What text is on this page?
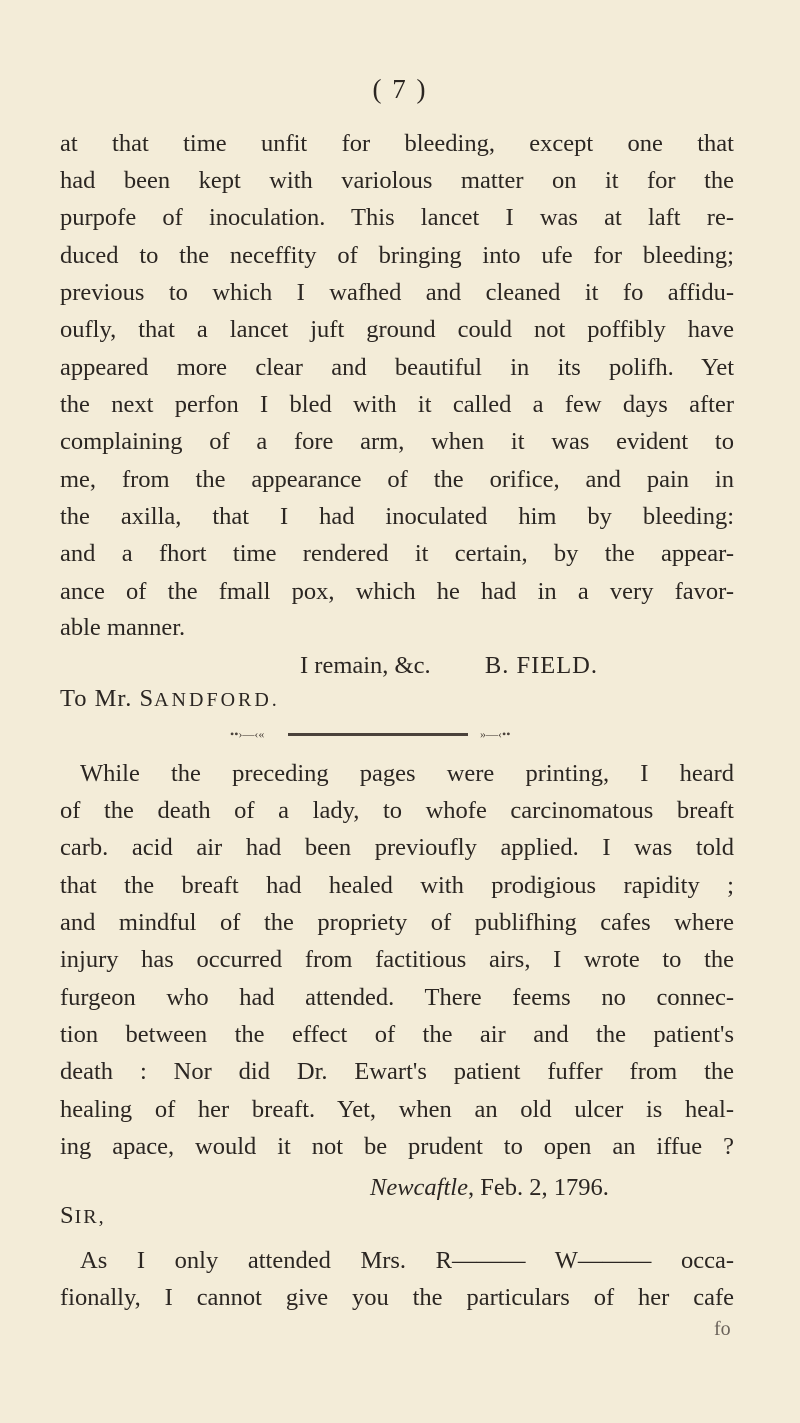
( 7 )
at that time unfit for bleeding, except one that
had been kept with variolous matter on it for the
purpofe of inoculation. This lancet I was at laft re-
duced to the neceffity of bringing into ufe for bleeding;
previous to which I wafhed and cleaned it fo affidu-
oufly, that a lancet juft ground could not poffibly have
appeared more clear and beautiful in its polifh. Yet
the next perfon I bled with it called a few days after
complaining of a fore arm, when it was evident to
me, from the appearance of the orifice, and pain in
the axilla, that I had inoculated him by bleeding:
and a fhort time rendered it certain, by the appear-
ance of the fmall pox, which he had in a very favor-
able manner.
I remain, &c. B. FIELD.
To Mr. SANDFORD.
••›—‹«	»—‹••
While the preceding pages were printing, I heard
of the death of a lady, to whofe carcinomatous breaft
carb. acid air had been previoufly applied. I was told
that the breaft had healed with prodigious rapidity ;
and mindful of the propriety of publifhing cafes where
injury has occurred from factitious airs, I wrote to the
furgeon who had attended. There feems no connec-
tion between the effect of the air and the patient's
death : Nor did Dr. Ewart's patient fuffer from the
healing of her breaft. Yet, when an old ulcer is heal-
ing apace, would it not be prudent to open an iffue ?
Newcaftle, Feb. 2, 1796.
SIR,
As I only attended Mrs. R——— W——— occa-
fionally, I cannot give you the particulars of her cafe
fo
